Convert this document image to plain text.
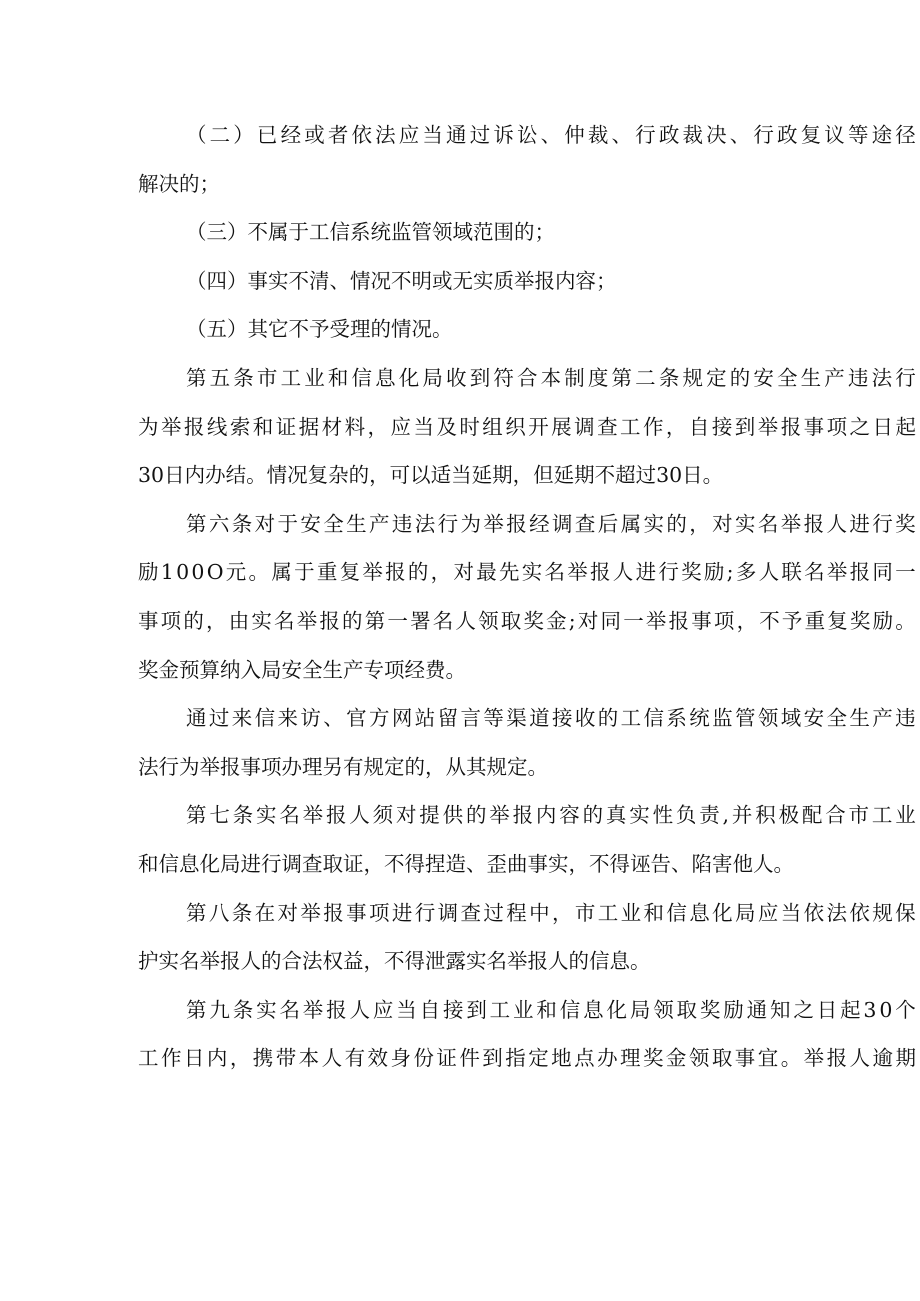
（ 二 ） 已 经 或 者 依 法 应 当 通 过 诉 讼 、 仲 裁 、 行 政 裁 决 、 行 政 复 议 等 途 径
解决的；
（三）不属于工信系统监管领域范围的；
（四）事实不清、情况不明或无实质举报内容；
（五）其它不予受理的情况。
第 五 条 市 工 业 和 信 息 化 局 收 到 符 合 本 制 度 第 二 条 规 定 的 安 全 生 产 违 法 行
为 举 报 线 索 和 证 据 材 料 ， 应 当 及 时 组 织 开 展 调 查 工 作 ， 自 接 到 举 报 事 项 之 日 起
30日内办结。情况复杂的，可以适当延期，但延期不超过30日。
第 六 条 对 于 安 全 生 产 违 法 行 为 举 报 经 调 查 后 属 实 的 ， 对 实 名 举 报 人 进 行 奖
励 1 0 0 O 元 。 属 于 重 复 举 报 的 ， 对 最 先 实 名 举 报 人 进 行 奖 励 ; 多 人 联 名 举 报 同 一
事 项 的 ， 由 实 名 举 报 的 第 一 署 名 人 领 取 奖 金 ; 对 同 一 举 报 事 项 ， 不 予 重 复 奖 励 。
奖金预算纳入局安全生产专项经费。
通 过 来 信 来 访 、 官 方 网 站 留 言 等 渠 道 接 收 的 工 信 系 统 监 管 领 域 安 全 生 产 违
法行为举报事项办理另有规定的，从其规定。
第 七 条 实 名 举 报 人 须 对 提 供 的 举 报 内 容 的 真 实 性 负 责 , 并 积 极 配 合 市 工 业
和信息化局进行调查取证，不得捏造、歪曲事实，不得诬告、陷害他人。
第 八 条 在 对 举 报 事 项 进 行 调 查 过 程 中 ， 市 工 业 和 信 息 化 局 应 当 依 法 依 规 保
护实名举报人的合法权益，不得泄露实名举报人的信息。
第 九 条 实 名 举 报 人 应 当 自 接 到 工 业 和 信 息 化 局 领 取 奖 励 通 知 之 日 起 3 0 个
工 作 日 内 ， 携 带 本 人 有 效 身 份 证 件 到 指 定 地 点 办 理 奖 金 领 取 事 宜 。 举 报 人 逾 期
